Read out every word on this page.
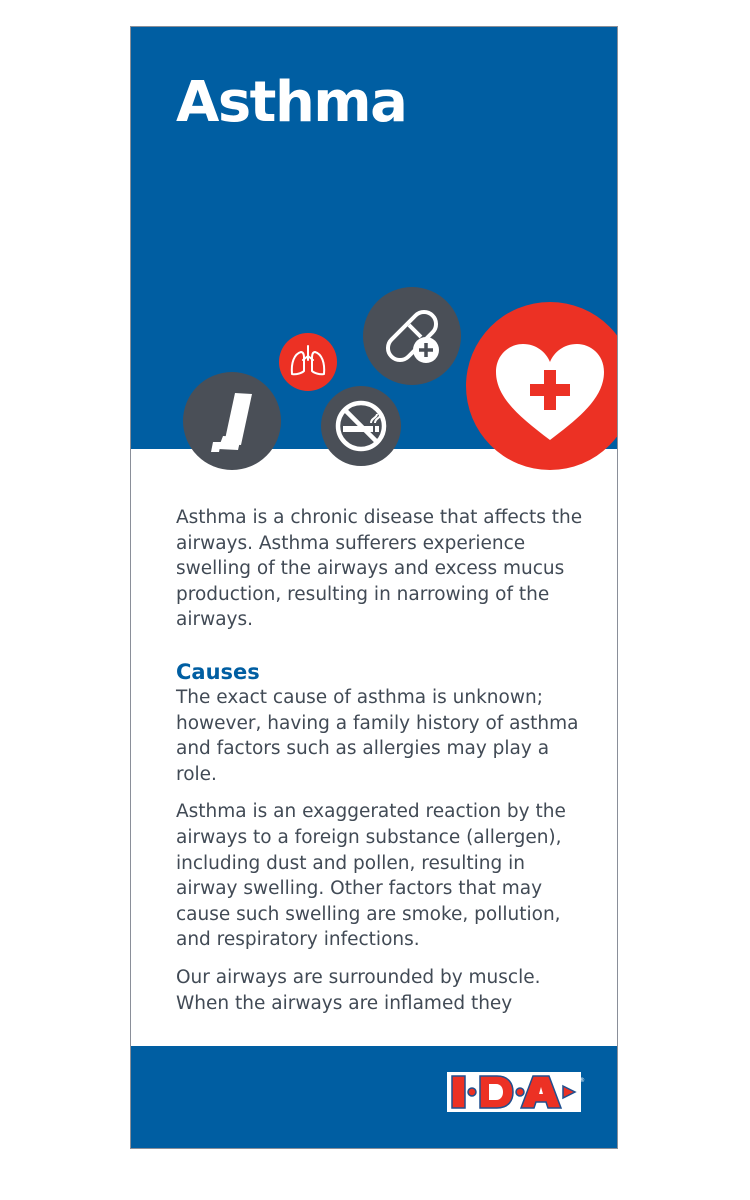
Asthma

Asthma is a chronic disease that affects the airways. Asthma sufferers experience swelling of the airways and excess mucus production, resulting in narrowing of the airways.

Causes

The exact cause of asthma is unknown; however, having a family history of asthma and factors such as allergies may play a role.

Asthma is an exaggerated reaction by the airways to a foreign substance (allergen), including dust and pollen, resulting in airway swelling. Other factors that may cause such swelling are smoke, pollution, and respiratory infections.

Our airways are surrounded by muscle. When the airways are inflamed they

®
